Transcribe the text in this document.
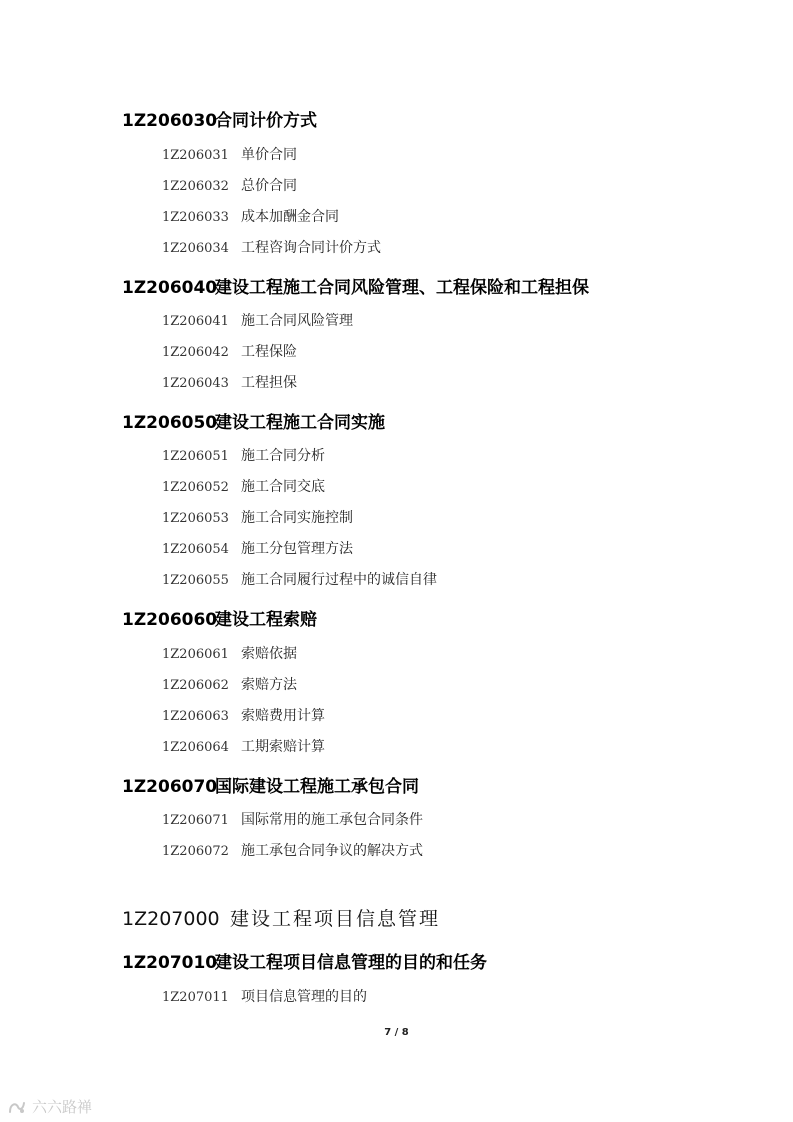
1Z206030
合同计价方式
1Z206031 单价合同
1Z206032 总价合同
1Z206033 成本加酬金合同
1Z206034 工程咨询合同计价方式
1Z206040
建设工程施工合同风险管理、工程保险和工程担保
1Z206041 施工合同风险管理
1Z206042 工程保险
1Z206043 工程担保
1Z206050
建设工程施工合同实施
1Z206051 施工合同分析
1Z206052 施工合同交底
1Z206053 施工合同实施控制
1Z206054 施工分包管理方法
1Z206055 施工合同履行过程中的诚信自律
1Z206060
建设工程索赔
1Z206061 索赔依据
1Z206062 索赔方法
1Z206063 索赔费用计算
1Z206064 工期索赔计算
1Z206070
国际建设工程施工承包合同
1Z206071 国际常用的施工承包合同条件
1Z206072 施工承包合同争议的解决方式
1Z207000 建设工程项目信息管理
1Z207010
建设工程项目信息管理的目的和任务
1Z207011 项目信息管理的目的
7 / 8
六六路禅
